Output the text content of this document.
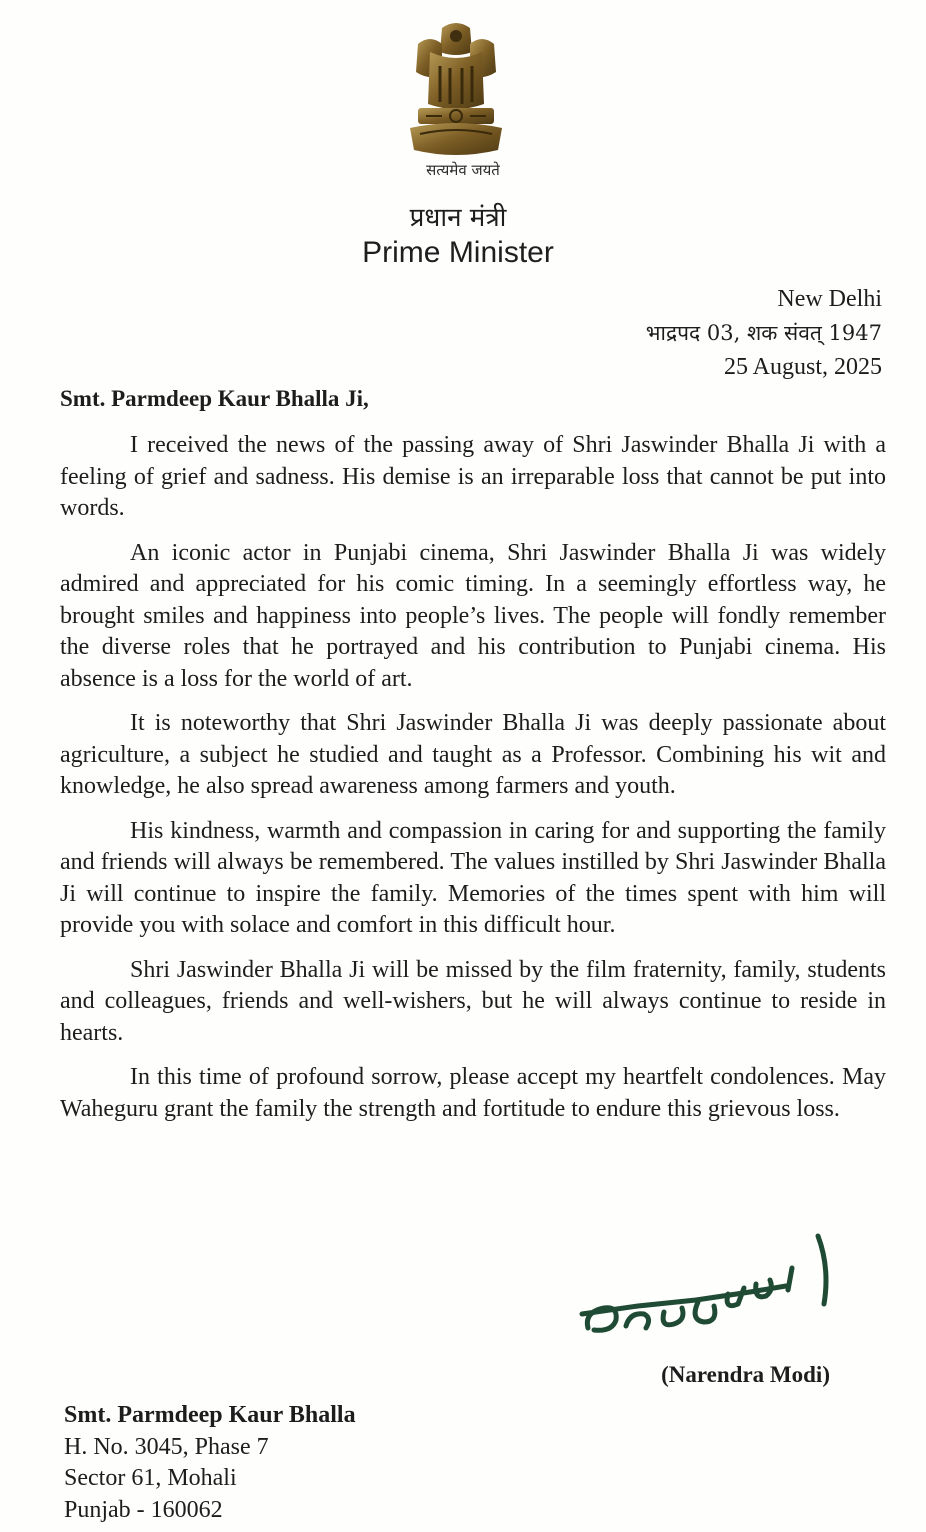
सत्यमेव जयते
प्रधान मंत्री
Prime Minister
New Delhi
भाद्रपद 03, शक संवत् 1947
25 August, 2025
Smt. Parmdeep Kaur Bhalla Ji,

I received the news of the passing away of Shri Jaswinder Bhalla Ji with a feeling of grief and sadness. His demise is an irreparable loss that cannot be put into words.

An iconic actor in Punjabi cinema, Shri Jaswinder Bhalla Ji was widely admired and appreciated for his comic timing. In a seemingly effortless way, he brought smiles and happiness into people’s lives. The people will fondly remember the diverse roles that he portrayed and his contribution to Punjabi cinema. His absence is a loss for the world of art.

It is noteworthy that Shri Jaswinder Bhalla Ji was deeply passionate about agriculture, a subject he studied and taught as a Professor. Combining his wit and knowledge, he also spread awareness among farmers and youth.

His kindness, warmth and compassion in caring for and supporting the family and friends will always be remembered. The values instilled by Shri Jaswinder Bhalla Ji will continue to inspire the family. Memories of the times spent with him will provide you with solace and comfort in this difficult hour.

Shri Jaswinder Bhalla Ji will be missed by the film fraternity, family, students and colleagues, friends and well-wishers, but he will always continue to reside in hearts.

In this time of profound sorrow, please accept my heartfelt condolences. May Waheguru grant the family the strength and fortitude to endure this grievous loss.

(Narendra Modi)
Smt. Parmdeep Kaur Bhalla
H. No. 3045, Phase 7
Sector 61, Mohali
Punjab - 160062
